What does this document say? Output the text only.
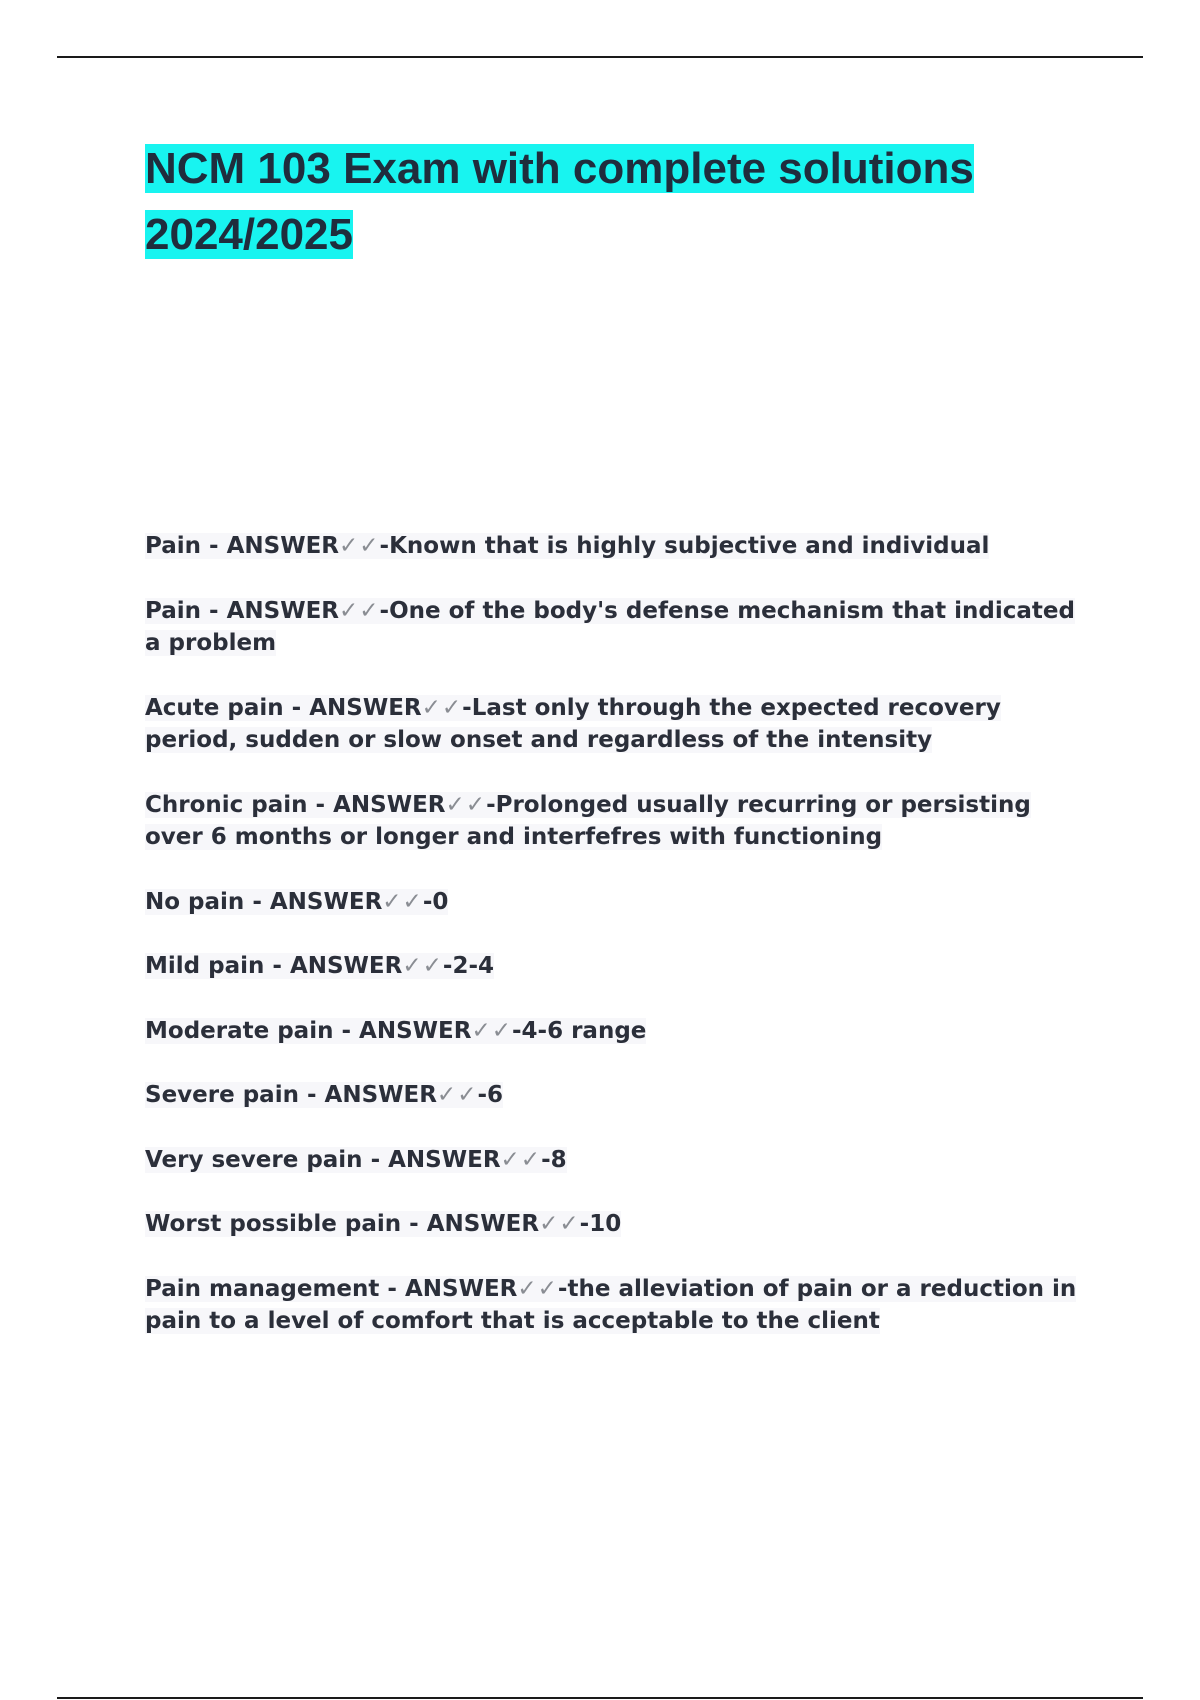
NCM 103 Exam with complete solutions 2024/2025
Pain - ANSWER✓✓-Known that is highly subjective and individual
Pain - ANSWER✓✓-One of the body's defense mechanism that indicated a problem
Acute pain - ANSWER✓✓-Last only through the expected recovery period, sudden or slow onset and regardless of the intensity
Chronic pain - ANSWER✓✓-Prolonged usually recurring or persisting over 6 months or longer and interfefres with functioning
No pain - ANSWER✓✓-0
Mild pain - ANSWER✓✓-2-4
Moderate pain - ANSWER✓✓-4-6 range
Severe pain - ANSWER✓✓-6
Very severe pain - ANSWER✓✓-8
Worst possible pain - ANSWER✓✓-10
Pain management - ANSWER✓✓-the alleviation of pain or a reduction in pain to a level of comfort that is acceptable to the client
